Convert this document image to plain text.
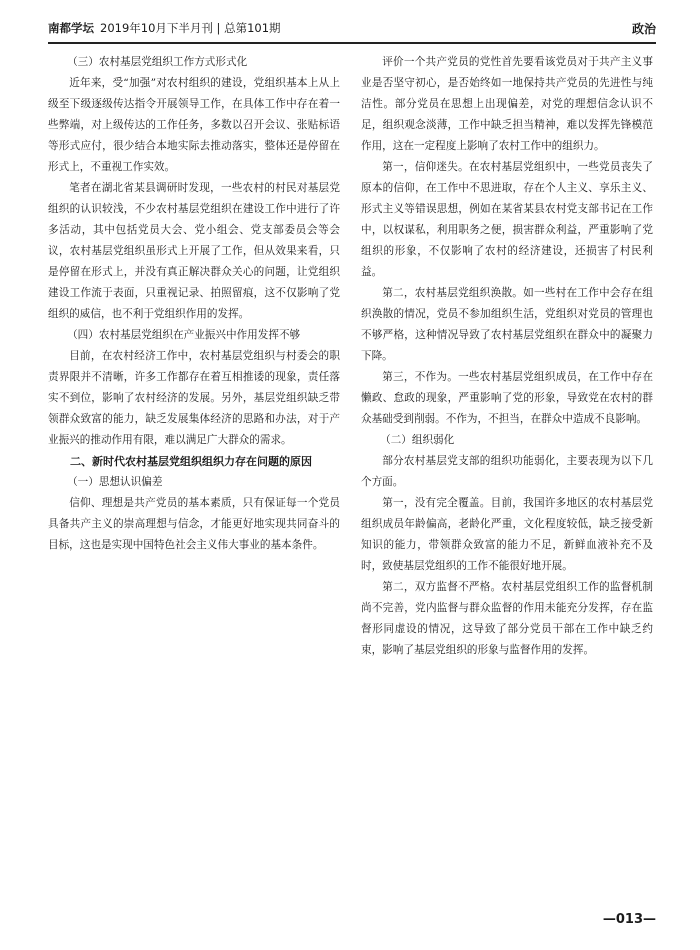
南都学坛 2019年10月下半月刊 | 总第101期	政治
（三）农村基层党组织工作方式形式化

近年来，受“加强”对农村组织的建设，党组织基本上从上级至下级逐级传达指令开展领导工作，在具体工作中存在着一些弊端，对上级传达的工作任务，多数以召开会议、张贴标语等形式应付，很少结合本地实际去推动落实，整体还是停留在形式上，不重视工作实效。

笔者在湖北省某县调研时发现，一些农村的村民对基层党组织的认识较浅，不少农村基层党组织在建设工作中进行了许多活动，其中包括党员大会、党小组会、党支部委员会等会议，农村基层党组织虽形式上开展了工作，但从效果来看，只是停留在形式上，并没有真正解决群众关心的问题，让党组织建设工作流于表面，只重视记录、拍照留痕，这不仅影响了党组织的威信，也不利于党组织作用的发挥。

（四）农村基层党组织在产业振兴中作用发挥不够

目前，在农村经济工作中，农村基层党组织与村委会的职责界限并不清晰，许多工作都存在着互相推诿的现象，责任落实不到位，影响了农村经济的发展。另外，基层党组织缺乏带领群众致富的能力，缺乏发展集体经济的思路和办法，对于产业振兴的推动作用有限，难以满足广大群众的需求。

二、新时代农村基层党组织组织力存在问题的原因
（一）思想认识偏差

信仰、理想是共产党员的基本素质，只有保证每一个党员具备共产主义的崇高理想与信念，才能更好地实现共同奋斗的目标，这也是实现中国特色社会主义伟大事业的基本条件。

评价一个共产党员的党性首先要看该党员对于共产主义事业是否坚守初心，是否始终如一地保持共产党员的先进性与纯洁性。部分党员在思想上出现偏差，对党的理想信念认识不足，组织观念淡薄，工作中缺乏担当精神，难以发挥先锋模范作用，这在一定程度上影响了农村工作中的组织力。

第一，信仰迷失。在农村基层党组织中，一些党员丧失了原本的信仰，在工作中不思进取，存在个人主义、享乐主义、形式主义等错误思想，例如在某省某县农村党支部书记在工作中，以权谋私，利用职务之便，损害群众利益，严重影响了党组织的形象，不仅影响了农村的经济建设，还损害了村民利益。

第二，农村基层党组织涣散。如一些村在工作中会存在组织涣散的情况，党员不参加组织生活，党组织对党员的管理也不够严格，这种情况导致了农村基层党组织在群众中的凝聚力下降。

第三，不作为。一些农村基层党组织成员，在工作中存在懒政、怠政的现象，严重影响了党的形象，导致党在农村的群众基础受到削弱。不作为，不担当，在群众中造成不良影响。

（二）组织弱化

部分农村基层党支部的组织功能弱化，主要表现为以下几个方面。

第一，没有完全覆盖。目前，我国许多地区的农村基层党组织成员年龄偏高，老龄化严重，文化程度较低，缺乏接受新知识的能力，带领群众致富的能力不足，新鲜血液补充不及时，致使基层党组织的工作不能很好地开展。

第二，双方监督不严格。农村基层党组织工作的监督机制尚不完善，党内监督与群众监督的作用未能充分发挥，存在监督形同虚设的情况，这导致了部分党员干部在工作中缺乏约束，影响了基层党组织的形象与监督作用的发挥。

—013—
